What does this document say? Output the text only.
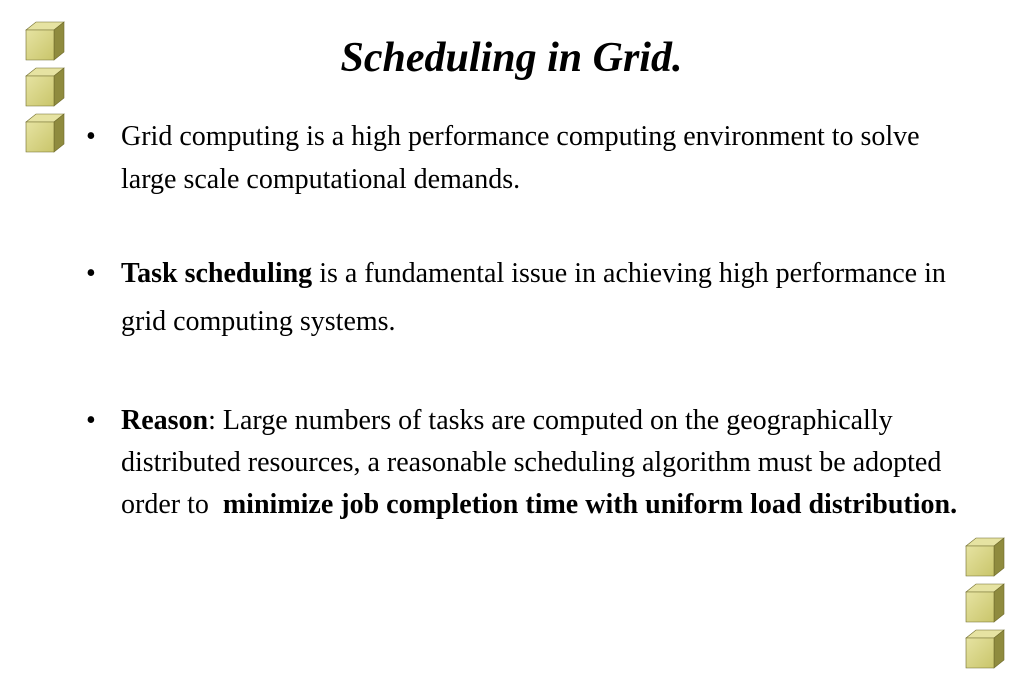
Scheduling in Grid.
• Grid computing is a high performance computing environment to solve large scale computational demands.
• Task scheduling is a fundamental issue in achieving high performance in grid computing systems.
• Reason: Large numbers of tasks are computed on the geographically distributed resources, a reasonable scheduling algorithm must be adopted order to  minimize job completion time with uniform load distribution.
